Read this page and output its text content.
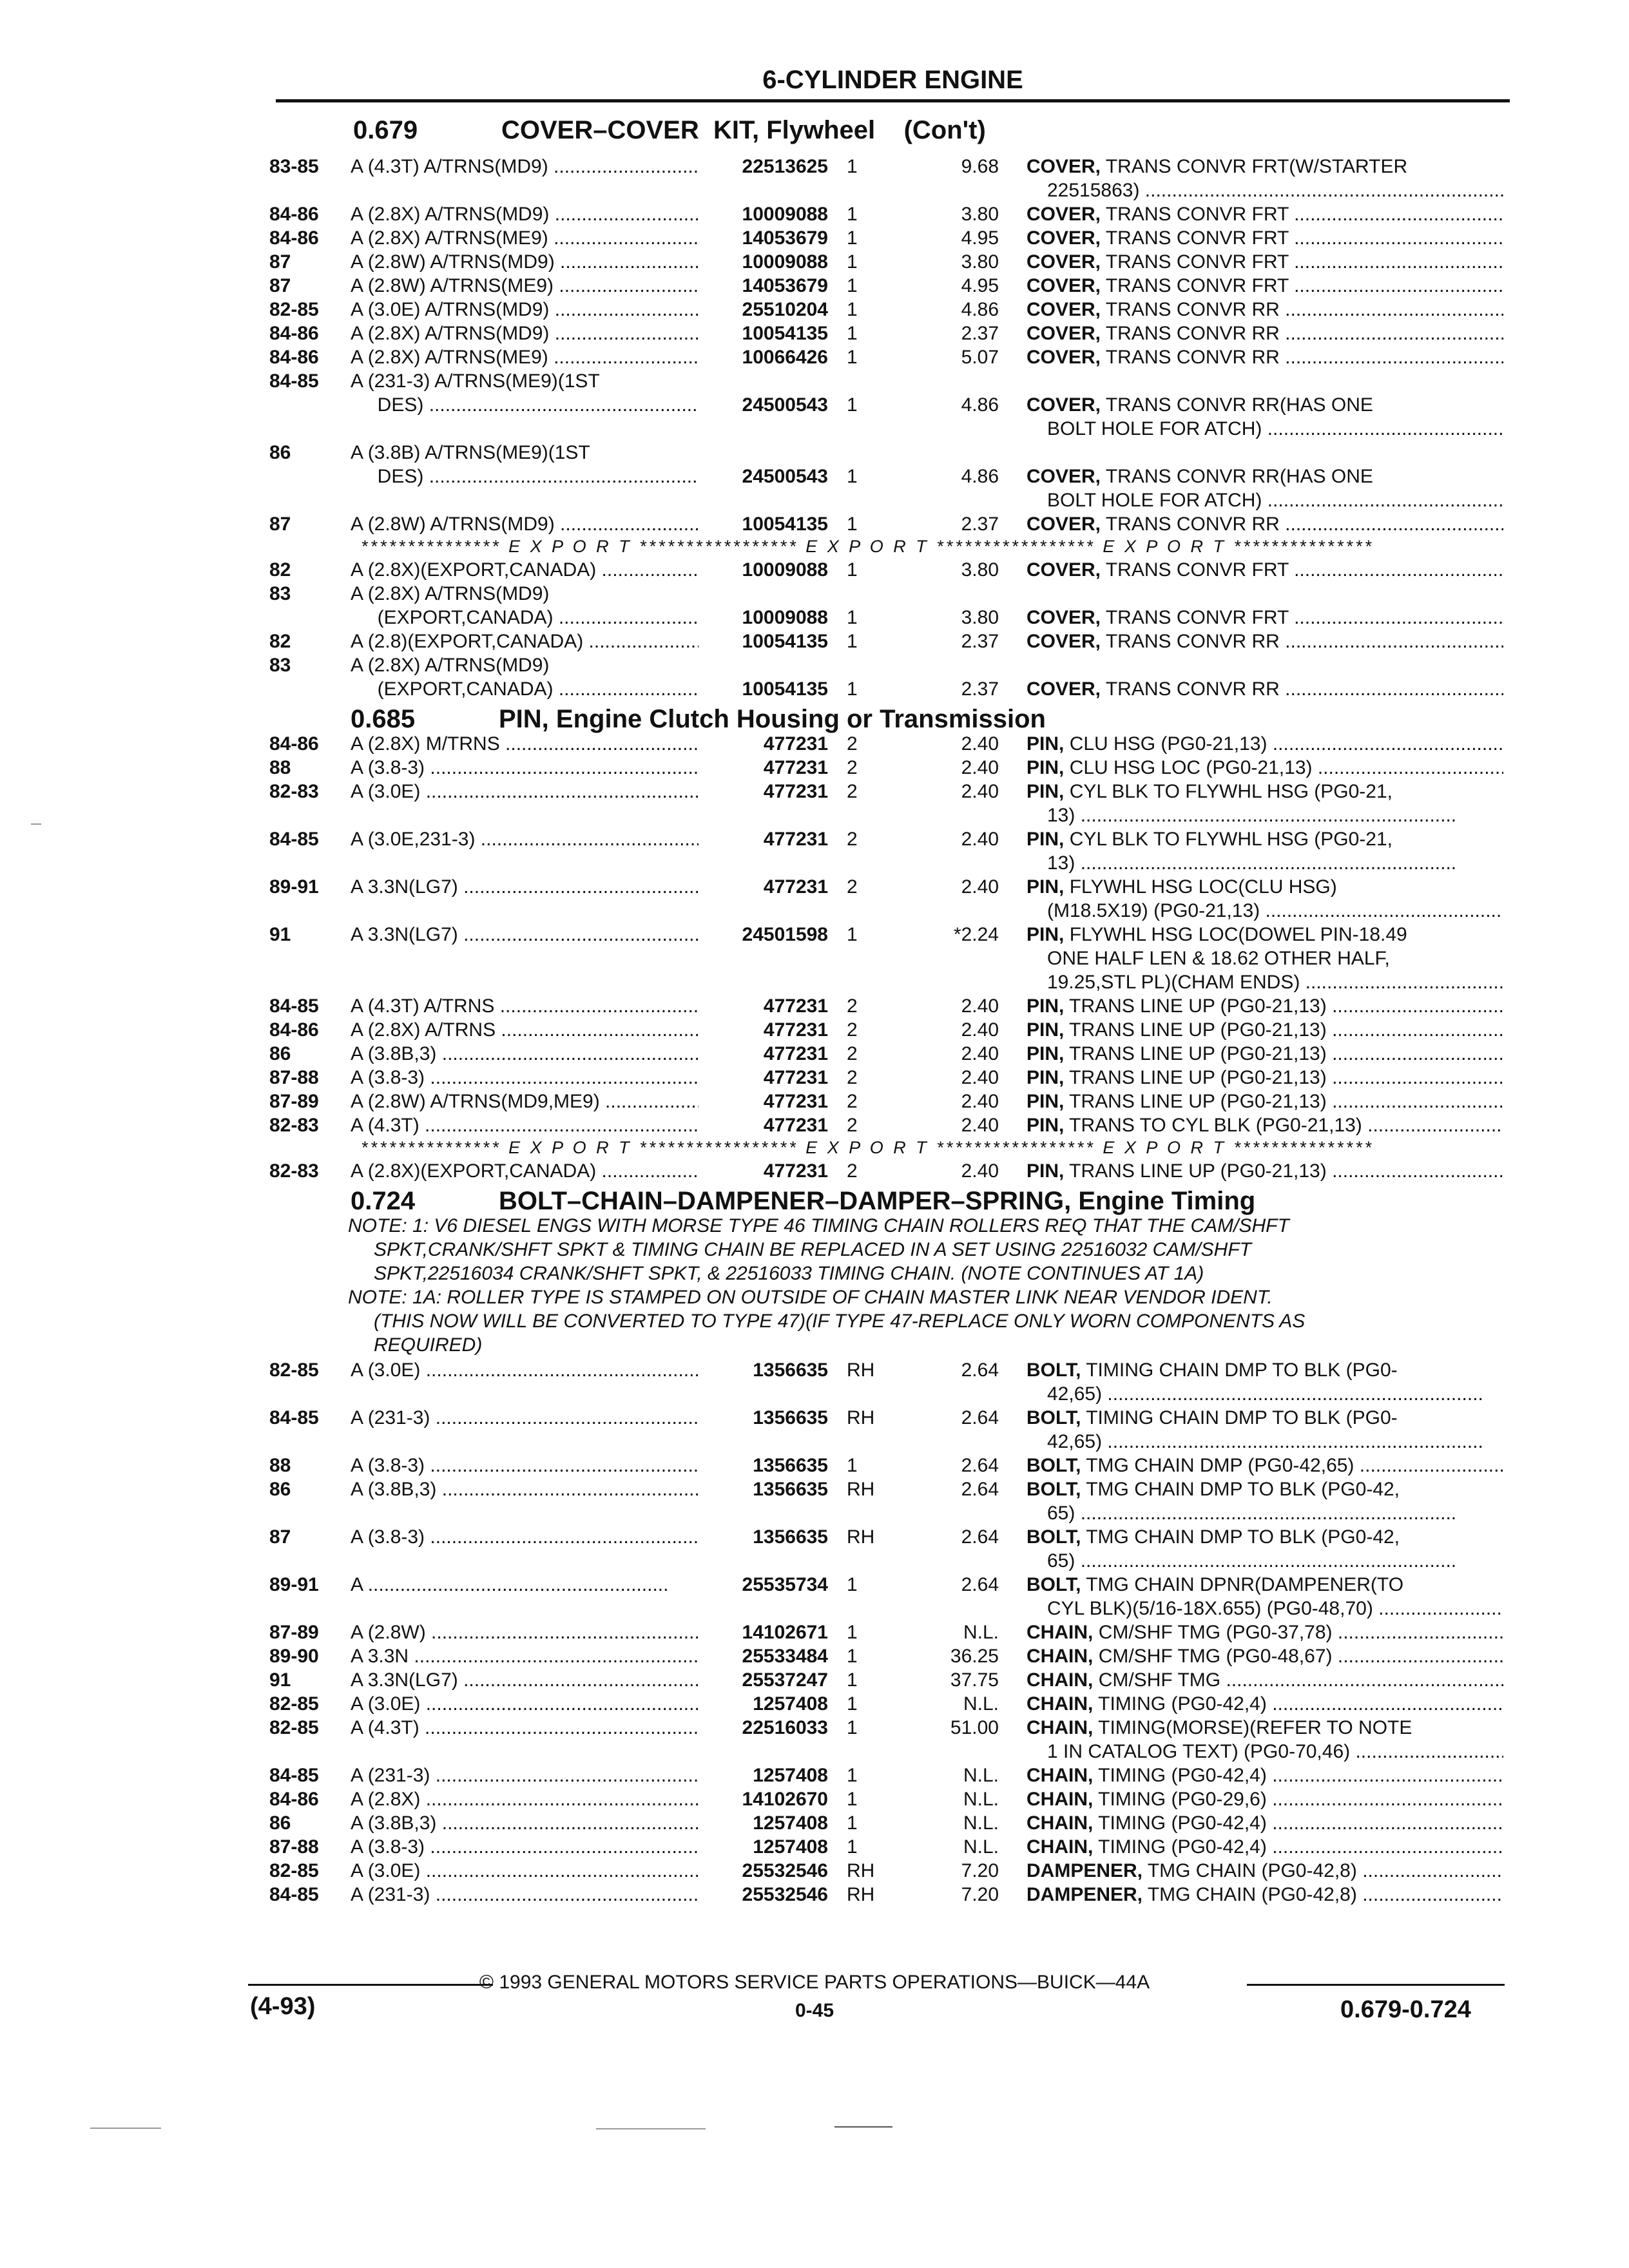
6-CYLINDER ENGINE
83-85	A (4.3T) A/TRNS(MD9) .....	22513625 1	9.68 COVER, TRANS CONVR FRT(W/STARTER
22515863) .....
84-86	A (2.8X) A/TRNS(MD9) .....	10009088 1	3.80 COVER, TRANS CONVR FRT .....
84-86	A (2.8X) A/TRNS(ME9) .....	14053679 1	4.95 COVER, TRANS CONVR FRT .....
87	A (2.8W) A/TRNS(MD9) .....	10009088 1	3.80 COVER, TRANS CONVR FRT .....
87	A (2.8W) A/TRNS(ME9) .....	14053679 1	4.95 COVER, TRANS CONVR FRT .....
82-85	A (3.0E) A/TRNS(MD9) .....	25510204 1	4.86 COVER, TRANS CONVR RR .....
84-86	A (2.8X) A/TRNS(MD9) .....	10054135 1	2.37 COVER, TRANS CONVR RR .....
84-86	A (2.8X) A/TRNS(ME9) .....	10066426 1	5.07 COVER, TRANS CONVR RR .....
84-85	A (231-3) A/TRNS(ME9)(1ST
DES) .....	24500543 1	4.86 COVER, TRANS CONVR RR(HAS ONE
BOLT HOLE FOR ATCH) .....
86	A (3.8B) A/TRNS(ME9)(1ST
DES) .....	24500543 1	4.86 COVER, TRANS CONVR RR(HAS ONE
BOLT HOLE FOR ATCH) .....
87	A (2.8W) A/TRNS(MD9) .....	10054135 1	2.37 COVER, TRANS CONVR RR .....
*************** E X P O R T ***************** E X P O R T ***************** E X P O R T ***************
82	A (2.8X)(EXPORT,CANADA) .....	10009088 1	3.80 COVER, TRANS CONVR FRT .....
83	A (2.8X) A/TRNS(MD9)
(EXPORT,CANADA) .....	10009088 1	3.80 COVER, TRANS CONVR FRT .....
82	A (2.8)(EXPORT,CANADA) .....	10054135 1	2.37 COVER, TRANS CONVR RR .....
83	A (2.8X) A/TRNS(MD9)
(EXPORT,CANADA) .....	10054135 1	2.37 COVER, TRANS CONVR RR .....
0.685	PIN, Engine Clutch Housing or Transmission
84-86	A (2.8X) M/TRNS .....	477231 2	2.40 PIN, CLU HSG (PG0-21,13) .....
88	A (3.8-3) .....	477231 2	2.40 PIN, CLU HSG LOC (PG0-21,13) .....
82-83	A (3.0E) .....	477231 2	2.40 PIN, CYL BLK TO FLYWHL HSG (PG0-21,
13) .....
84-85	A (3.0E,231-3) .....	477231 2	2.40 PIN, CYL BLK TO FLYWHL HSG (PG0-21,
13) .....
89-91	A 3.3N(LG7) .....	477231 2	2.40 PIN, FLYWHL HSG LOC(CLU HSG)
(M18.5X19) (PG0-21,13) .....
91	A 3.3N(LG7) .....	24501598 1	*2.24 PIN, FLYWHL HSG LOC(DOWEL PIN-18.49
ONE HALF LEN & 18.62 OTHER HALF,
19.25,STL PL)(CHAM ENDS) .....
84-85	A (4.3T) A/TRNS .....	477231 2	2.40 PIN, TRANS LINE UP (PG0-21,13) .....
84-86	A (2.8X) A/TRNS .....	477231 2	2.40 PIN, TRANS LINE UP (PG0-21,13) .....
86	A (3.8B,3) .....	477231 2	2.40 PIN, TRANS LINE UP (PG0-21,13) .....
87-88	A (3.8-3) .....	477231 2	2.40 PIN, TRANS LINE UP (PG0-21,13) .....
87-89	A (2.8W) A/TRNS(MD9,ME9) .....	477231 2	2.40 PIN, TRANS LINE UP (PG0-21,13) .....
82-83	A (4.3T) .....	477231 2	2.40 PIN, TRANS TO CYL BLK (PG0-21,13) .....
*************** E X P O R T ***************** E X P O R T ***************** E X P O R T ***************
82-83	A (2.8X)(EXPORT,CANADA) .....	477231 2	2.40 PIN, TRANS LINE UP (PG0-21,13) .....
0.724	BOLT–CHAIN–DAMPENER–DAMPER–SPRING, Engine Timing
NOTE: 1: V6 DIESEL ENGS WITH MORSE TYPE 46 TIMING CHAIN ROLLERS REQ THAT THE CAM/SHFT
SPKT,CRANK/SHFT SPKT & TIMING CHAIN BE REPLACED IN A SET USING 22516032 CAM/SHFT
SPKT,22516034 CRANK/SHFT SPKT, & 22516033 TIMING CHAIN. (NOTE CONTINUES AT 1A)
NOTE: 1A: ROLLER TYPE IS STAMPED ON OUTSIDE OF CHAIN MASTER LINK NEAR VENDOR IDENT.
(THIS NOW WILL BE CONVERTED TO TYPE 47)(IF TYPE 47-REPLACE ONLY WORN COMPONENTS AS
REQUIRED)
82-85	A (3.0E) .....	1356635 RH	2.64 BOLT, TIMING CHAIN DMP TO BLK (PG0-
42,65) .....
84-85	A (231-3) .....	1356635 RH	2.64 BOLT, TIMING CHAIN DMP TO BLK (PG0-
42,65) .....
88	A (3.8-3) .....	1356635 1	2.64 BOLT, TMG CHAIN DMP (PG0-42,65) .....
86	A (3.8B,3) .....	1356635 RH	2.64 BOLT, TMG CHAIN DMP TO BLK (PG0-42,
65) .....
87	A (3.8-3) .....	1356635 RH	2.64 BOLT, TMG CHAIN DMP TO BLK (PG0-42,
65) .....
89-91	A .....	25535734 1	2.64 BOLT, TMG CHAIN DPNR(DAMPENER(TO
CYL BLK)(5/16-18X.655) (PG0-48,70) .....
87-89	A (2.8W) .....	14102671 1	N.L. CHAIN, CM/SHF TMG (PG0-37,78) .....
89-90	A 3.3N .....	25533484 1	36.25 CHAIN, CM/SHF TMG (PG0-48,67) .....
91	A 3.3N(LG7) .....	25537247 1	37.75 CHAIN, CM/SHF TMG .....
82-85	A (3.0E) .....	1257408 1	N.L. CHAIN, TIMING (PG0-42,4) .....
82-85	A (4.3T) .....	22516033 1	51.00 CHAIN, TIMING(MORSE)(REFER TO NOTE
1 IN CATALOG TEXT) (PG0-70,46) .....
84-85	A (231-3) .....	1257408 1	N.L. CHAIN, TIMING (PG0-42,4) .....
84-86	A (2.8X) .....	14102670 1	N.L. CHAIN, TIMING (PG0-29,6) .....
86	A (3.8B,3) .....	1257408 1	N.L. CHAIN, TIMING (PG0-42,4) .....
87-88	A (3.8-3) .....	1257408 1	N.L. CHAIN, TIMING (PG0-42,4) .....
82-85	A (3.0E) .....	25532546 RH	7.20 DAMPENER, TMG CHAIN (PG0-42,8) .....
84-85	A (231-3) .....	25532546 RH	7.20 DAMPENER, TMG CHAIN (PG0-42,8) .....
0.679	COVER–COVER  KIT, Flywheel    (Con't)
© 1993 GENERAL MOTORS SERVICE PARTS OPERATIONS—BUICK—44A
0-45
(4-93)	0.679-0.724
